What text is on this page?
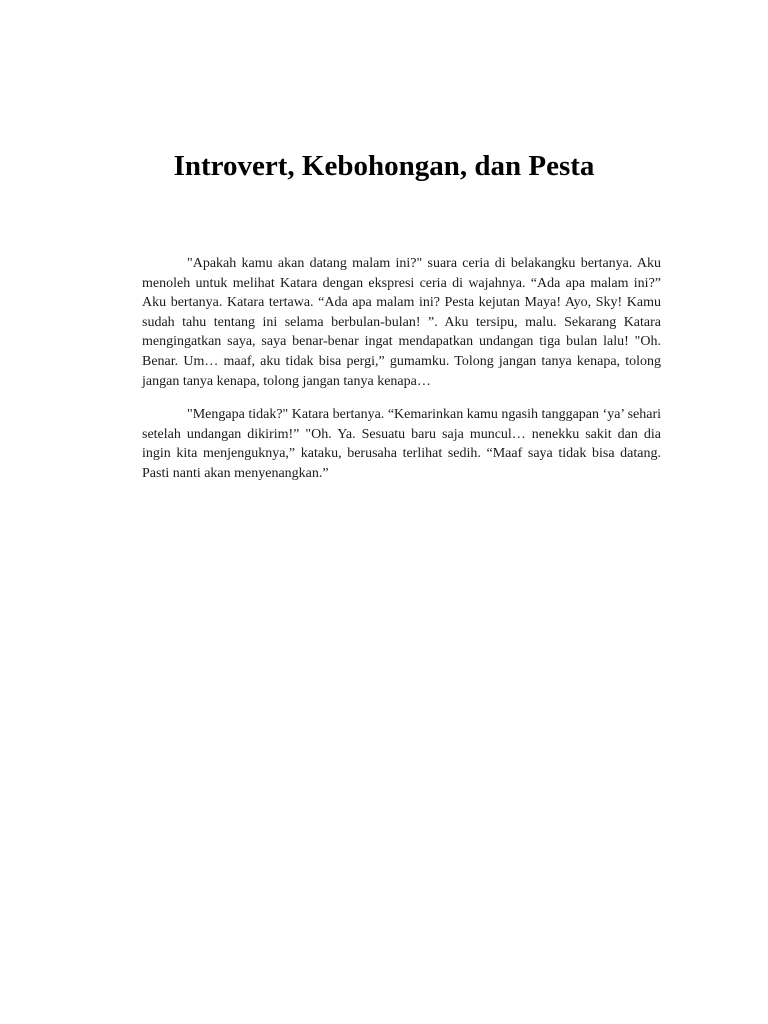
Introvert, Kebohongan, dan Pesta

"Apakah kamu akan datang malam ini?" suara ceria di belakangku bertanya. Aku menoleh untuk melihat Katara dengan ekspresi ceria di wajahnya. “Ada apa malam ini?” Aku bertanya. Katara tertawa. “Ada apa malam ini? Pesta kejutan Maya! Ayo, Sky! Kamu sudah tahu tentang ini selama berbulan-bulan! ”. Aku tersipu, malu. Sekarang Katara mengingatkan saya, saya benar-benar ingat mendapatkan undangan tiga bulan lalu! "Oh. Benar. Um… maaf, aku tidak bisa pergi,” gumamku. Tolong jangan tanya kenapa, tolong jangan tanya kenapa, tolong jangan tanya kenapa…

"Mengapa tidak?" Katara bertanya. “Kemarinkan kamu ngasih tanggapan ‘ya’ sehari setelah undangan dikirim!” "Oh. Ya. Sesuatu baru saja muncul… nenekku sakit dan dia ingin kita menjenguknya,” kataku, berusaha terlihat sedih. “Maaf saya tidak bisa datang. Pasti nanti akan menyenangkan.”
